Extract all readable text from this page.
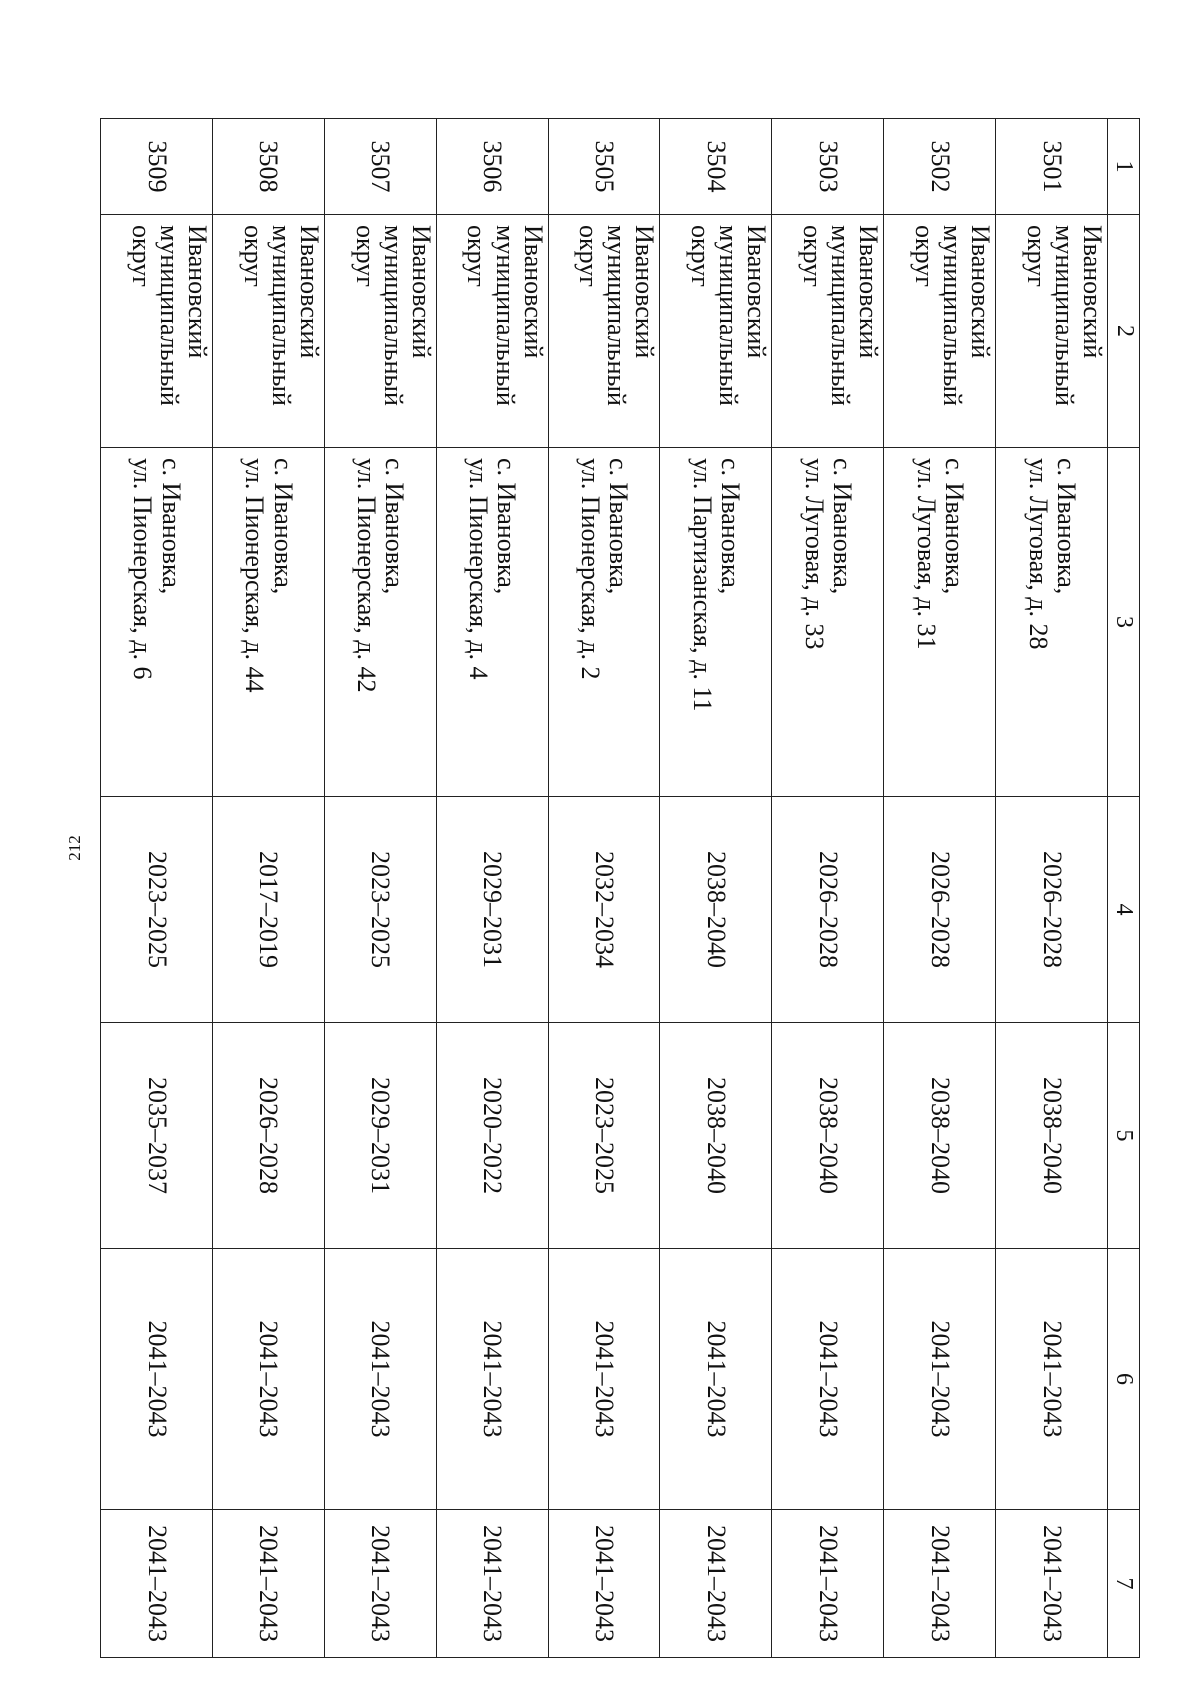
212
1	2	3	4	5	6	7
3501	Ивановский
муниципальный
округ	с. Ивановка,
ул. Луговая, д. 28	2026–2028	2038–2040	2041–2043	2041–2043
3502	Ивановский
муниципальный
округ	с. Ивановка,
ул. Луговая, д. 31	2026–2028	2038–2040	2041–2043	2041–2043
3503	Ивановский
муниципальный
округ	с. Ивановка,
ул. Луговая, д. 33	2026–2028	2038–2040	2041–2043	2041–2043
3504	Ивановский
муниципальный
округ	с. Ивановка,
ул. Партизанская, д. 11	2038–2040	2038–2040	2041–2043	2041–2043
3505	Ивановский
муниципальный
округ	с. Ивановка,
ул. Пионерская, д. 2	2032–2034	2023–2025	2041–2043	2041–2043
3506	Ивановский
муниципальный
округ	с. Ивановка,
ул. Пионерская, д. 4	2029–2031	2020–2022	2041–2043	2041–2043
3507	Ивановский
муниципальный
округ	с. Ивановка,
ул. Пионерская, д. 42	2023–2025	2029–2031	2041–2043	2041–2043
3508	Ивановский
муниципальный
округ	с. Ивановка,
ул. Пионерская, д. 44	2017–2019	2026–2028	2041–2043	2041–2043
3509	Ивановский
муниципальный
округ	с. Ивановка,
ул. Пионерская, д. 6	2023–2025	2035–2037	2041–2043	2041–2043
